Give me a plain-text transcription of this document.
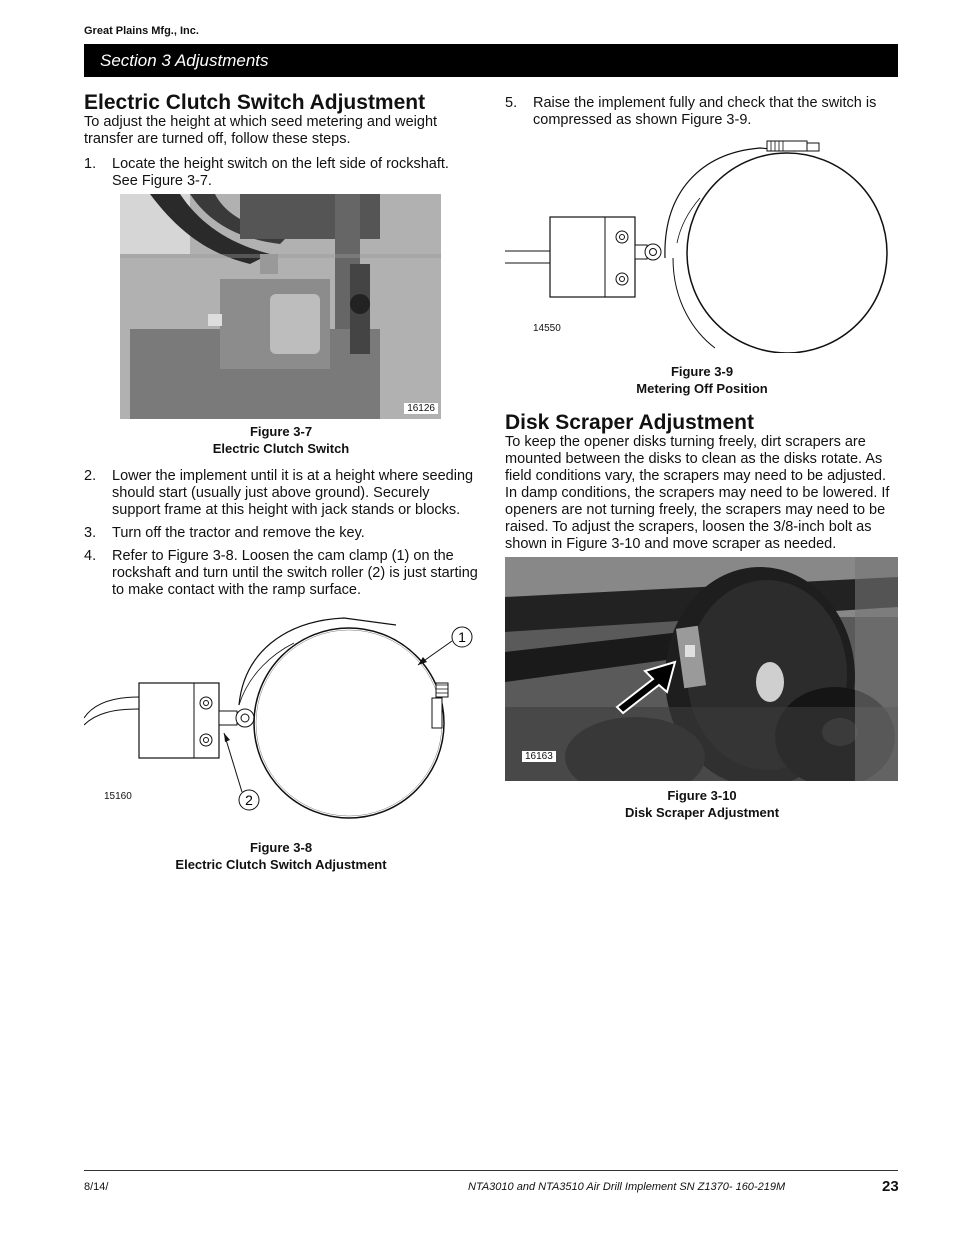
Great Plains Mfg., Inc.
Section 3 Adjustments
Electric Clutch Switch Adjustment

To adjust the height at which seed metering and weight transfer are turned off, follow these steps.

1. Locate the height switch on the left side of rockshaft. See Figure 3-7.
16126
Figure 3-7
Electric Clutch Switch
2. Lower the implement until it is at a height where seeding should start (usually just above ground). Securely support frame at this height with jack stands or blocks.
3. Turn off the tractor and remove the key.
4. Refer to Figure 3-8. Loosen the cam clamp (1) on the rockshaft and turn until the switch roller (2) is just starting to make contact with the ramp surface.
1
2
15160
Figure 3-8
Electric Clutch Switch Adjustment
5. Raise the implement fully and check that the switch is compressed as shown Figure 3-9.
14550
Figure 3-9
Metering Off Position
Disk Scraper Adjustment

To keep the opener disks turning freely, dirt scrapers are mounted between the disks to clean as the disks rotate. As field conditions vary, the scrapers may need to be adjusted. In damp conditions, the scrapers may need to be lowered. If openers are not turning freely, the scrapers may need to be raised. To adjust the scrapers, loosen the 3/8-inch bolt as shown in Figure 3-10 and move scraper as needed.

16163
Figure 3-10
Disk Scraper Adjustment
8/14/	NTA3010 and NTA3510 Air Drill Implement SN Z1370- 160-219M	23
